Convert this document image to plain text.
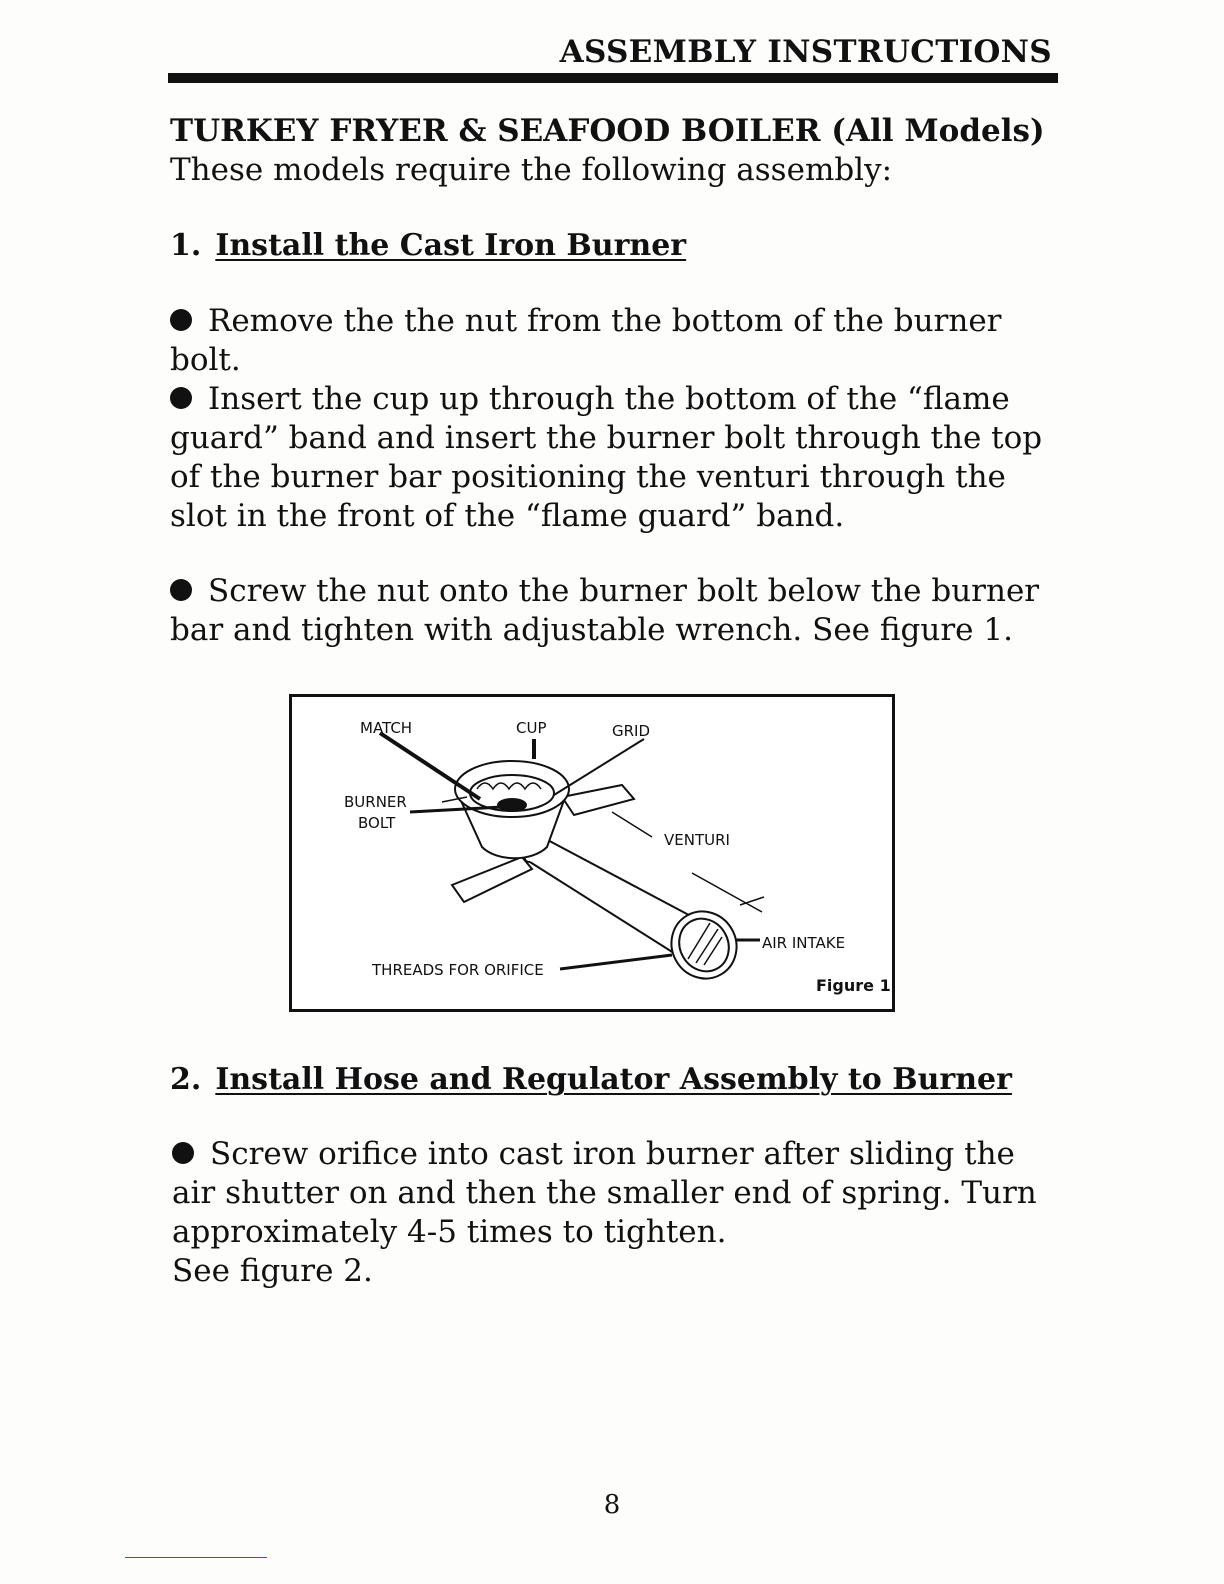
ASSEMBLY INSTRUCTIONS
TURKEY FRYER & SEAFOOD BOILER (All Models)
These models require the following assembly:
1. Install the Cast Iron Burner
Remove the the nut from the bottom of the burner bolt.
Insert the cup up through the bottom of the “flame guard” band and insert the burner bolt through the top of the burner bar positioning the venturi through the slot in the front of the “flame guard” band.
Screw the nut onto the burner bolt below the burner bar and tighten with adjustable wrench. See figure 1.
MATCH	CUP	GRID
BURNER
BOLT
VENTURI
AIR INTAKE
THREADS FOR ORIFICE
Figure 1
2. Install Hose and Regulator Assembly to Burner
Screw orifice into cast iron burner after sliding the air shutter on and then the smaller end of spring. Turn approximately 4-5 times to tighten.
See figure 2.
8
